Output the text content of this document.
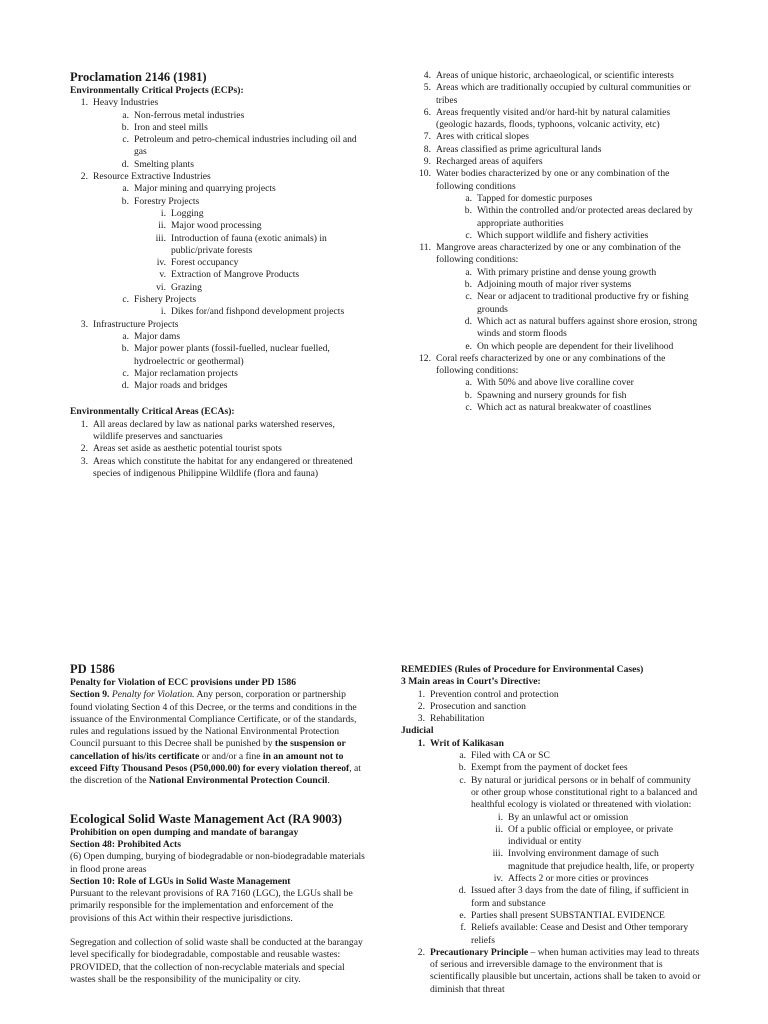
Proclamation 2146 (1981)
Environmentally Critical Projects (ECPs):
1. Heavy Industries
a. Non-ferrous metal industries
b. Iron and steel mills
c. Petroleum and petro-chemical industries including oil and gas
d. Smelting plants
2. Resource Extractive Industries
a. Major mining and quarrying projects
b. Forestry Projects
i. Logging
ii. Major wood processing
iii. Introduction of fauna (exotic animals) in public/private forests
iv. Forest occupancy
v. Extraction of Mangrove Products
vi. Grazing
c. Fishery Projects
i. Dikes for/and fishpond development projects
3. Infrastructure Projects
a. Major dams
b. Major power plants (fossil-fuelled, nuclear fuelled, hydroelectric or geothermal)
c. Major reclamation projects
d. Major roads and bridges
Environmentally Critical Areas (ECAs):
1. All areas declared by law as national parks watershed reserves, wildlife preserves and sanctuaries
2. Areas set aside as aesthetic potential tourist spots
3. Areas which constitute the habitat for any endangered or threatened species of indigenous Philippine Wildlife (flora and fauna)
4. Areas of unique historic, archaeological, or scientific interests
5. Areas which are traditionally occupied by cultural communities or tribes
6. Areas frequently visited and/or hard-hit by natural calamities (geologic hazards, floods, typhoons, volcanic activity, etc)
7. Ares with critical slopes
8. Areas classified as prime agricultural lands
9. Recharged areas of aquifers
10. Water bodies characterized by one or any combination of the following conditions
a. Tapped for domestic purposes
b. Within the controlled and/or protected areas declared by appropriate authorities
c. Which support wildlife and fishery activities
11. Mangrove areas characterized by one or any combination of the following conditions:
a. With primary pristine and dense young growth
b. Adjoining mouth of major river systems
c. Near or adjacent to traditional productive fry or fishing grounds
d. Which act as natural buffers against shore erosion, strong winds and storm floods
e. On which people are dependent for their livelihood
12. Coral reefs characterized by one or any combinations of the following conditions:
a. With 50% and above live coralline cover
b. Spawning and nursery grounds for fish
c. Which act as natural breakwater of coastlines
PD 1586
Penalty for Violation of ECC provisions under PD 1586
Section 9. Penalty for Violation. Any person, corporation or partnership found violating Section 4 of this Decree, or the terms and conditions in the issuance of the Environmental Compliance Certificate, or of the standards, rules and regulations issued by the National Environmental Protection Council pursuant to this Decree shall be punished by the suspension or cancellation of his/its certificate or and/or a fine in an amount not to exceed Fifty Thousand Pesos (P50,000.00) for every violation thereof, at the discretion of the National Environmental Protection Council.
Ecological Solid Waste Management Act (RA 9003)
Prohibition on open dumping and mandate of barangay
Section 48: Prohibited Acts
(6) Open dumping, burying of biodegradable or non-biodegradable materials in flood prone areas
Section 10: Role of LGUs in Solid Waste Management
Pursuant to the relevant provisions of RA 7160 (LGC), the LGUs shall be primarily responsible for the implementation and enforcement of the provisions of this Act within their respective jurisdictions.
Segregation and collection of solid waste shall be conducted at the barangay level specifically for biodegradable, compostable and reusable wastes: PROVIDED, that the collection of non-recyclable materials and special wastes shall be the responsibility of the municipality or city.
REMEDIES (Rules of Procedure for Environmental Cases)
3 Main areas in Court’s Directive:
1. Prevention control and protection
2. Prosecution and sanction
3. Rehabilitation
Judicial
1. Writ of Kalikasan
a. Filed with CA or SC
b. Exempt from the payment of docket fees
c. By natural or juridical persons or in behalf of community or other group whose constitutional right to a balanced and healthful ecology is violated or threatened with violation:
i. By an unlawful act or omission
ii. Of a public official or employee, or private individual or entity
iii. Involving environment damage of such magnitude that prejudice health, life, or property
iv. Affects 2 or more cities or provinces
d. Issued after 3 days from the date of filing, if sufficient in form and substance
e. Parties shall present SUBSTANTIAL EVIDENCE
f. Reliefs available: Cease and Desist and Other temporary reliefs
2. Precautionary Principle – when human activities may lead to threats of serious and irreversible damage to the environment that is scientifically plausible but uncertain, actions shall be taken to avoid or diminish that threat
